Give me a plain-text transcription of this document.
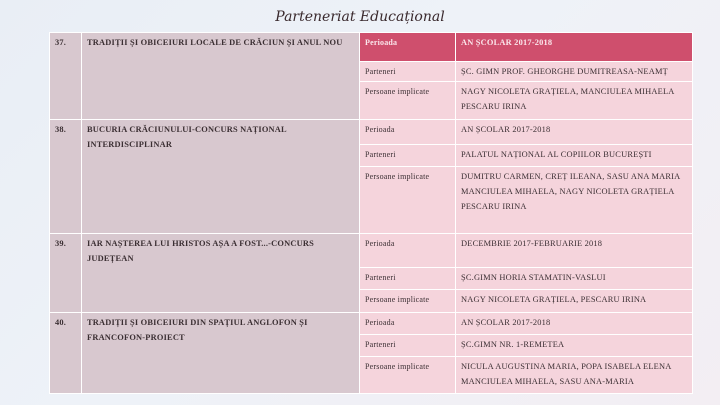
Parteneriat Educațional
37.	TRADIȚII ȘI OBICEIURI LOCALE DE CRĂCIUN ȘI ANUL NOU	Perioada	AN ȘCOLAR 2017-2018
		Parteneri	ȘC. GIMN PROF. GHEORGHE DUMITREASA-NEAMȚ
		Persoane implicate	NAGY NICOLETA GRAȚIELA, MANCIULEA MIHAELA PESCARU IRINA
38.	BUCURIA CRĂCIUNULUI-CONCURS NAȚIONAL INTERDISCIPLINAR	Perioada	AN ȘCOLAR 2017-2018
		Parteneri	PALATUL NAȚIONAL AL COPIILOR BUCUREȘTI
		Persoane implicate	DUMITRU CARMEN, CREȚ ILEANA, SASU ANA MARIA MANCIULEA MIHAELA, NAGY NICOLETA GRAȚIELA PESCARU IRINA
39.	IAR NAȘTEREA LUI HRISTOS AȘA A FOST...-CONCURS JUDEȚEAN	Perioada	DECEMBRIE 2017-FEBRUARIE 2018
		Parteneri	ȘC.GIMN HORIA STAMATIN-VASLUI
		Persoane implicate	NAGY NICOLETA GRAȚIELA, PESCARU IRINA
40.	TRADIȚII ȘI OBICEIURI DIN SPAȚIUL ANGLOFON ȘI FRANCOFON-PROIECT	Perioada	AN ȘCOLAR 2017-2018
		Parteneri	ȘC.GIMN NR. 1-REMETEA
		Persoane implicate	NICULA AUGUSTINA MARIA, POPA ISABELA ELENA MANCIULEA MIHAELA, SASU ANA-MARIA
